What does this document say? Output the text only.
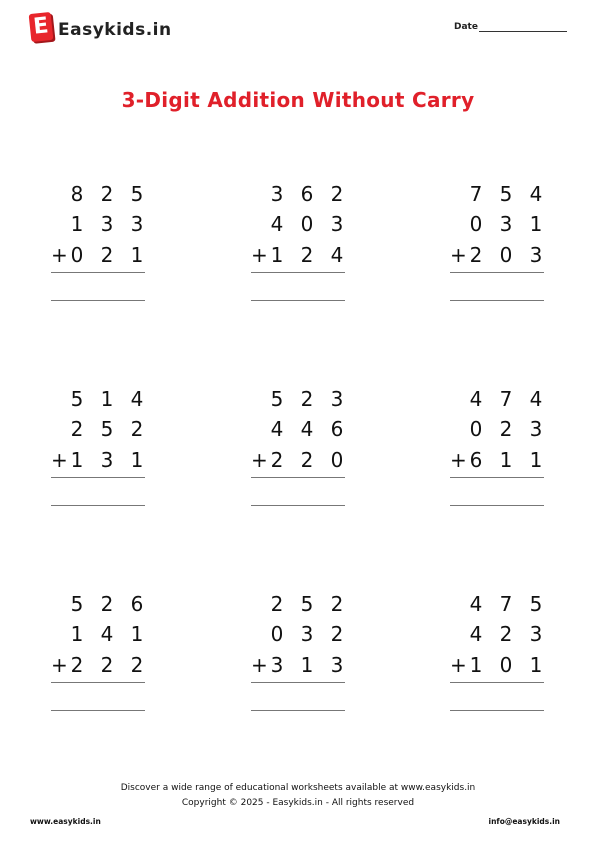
E Easykids.in	Date
3-Digit Addition Without Carry
8 2 5
1 3 3
+ 0 2 1
3 6 2
4 0 3
+ 1 2 4
7 5 4
0 3 1
+ 2 0 3
5 1 4
2 5 2
+ 1 3 1
5 2 3
4 4 6
+ 2 2 0
4 7 4
0 2 3
+ 6 1 1
5 2 6
1 4 1
+ 2 2 2
2 5 2
0 3 2
+ 3 1 3
4 7 5
4 2 3
+ 1 0 1
Discover a wide range of educational worksheets available at www.easykids.in
Copyright © 2025 - Easykids.in - All rights reserved
www.easykids.in	info@easykids.in
